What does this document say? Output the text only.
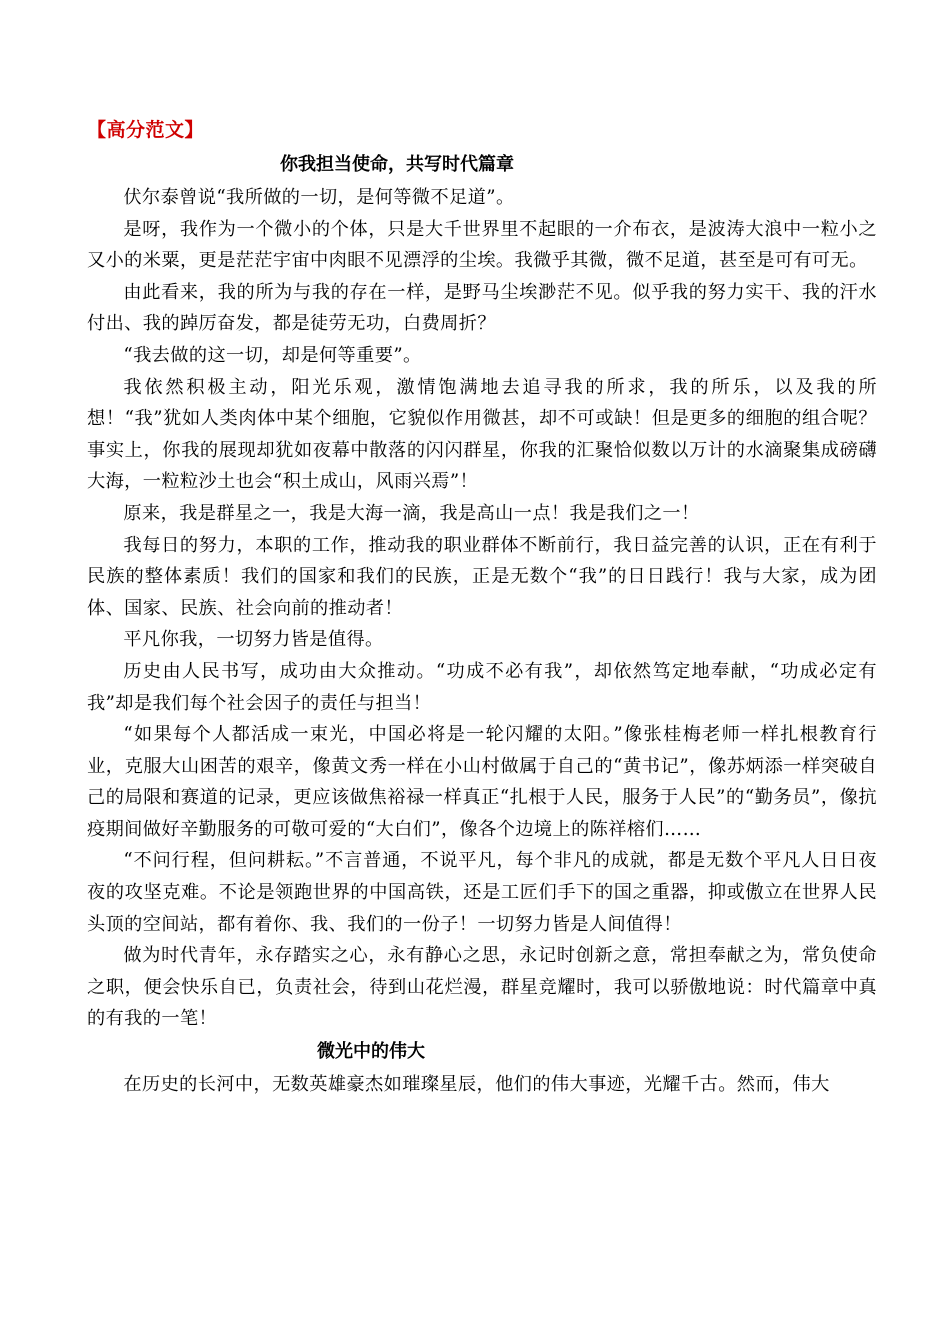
【高分范文】
你我担当使命，共写时代篇章

伏尔泰曾说“我所做的一切，是何等微不足道”。

是呀，我作为一个微小的个体，只是大千世界里不起眼的一介布衣，是波涛大浪中一粒小之又小的米粟，更是茫茫宇宙中肉眼不见漂浮的尘埃。我微乎其微，微不足道，甚至是可有可无。

由此看来，我的所为与我的存在一样，是野马尘埃渺茫不见。似乎我的努力实干、我的汗水付出、我的踔厉奋发，都是徒劳无功，白费周折？

“我去做的这一切，却是何等重要”。

我依然积极主动，阳光乐观，激情饱满地去追寻我的所求，我的所乐，以及我的所想！“我”犹如人类肉体中某个细胞，它貌似作用微甚，却不可或缺！但是更多的细胞的组合呢？事实上，你我的展现却犹如夜幕中散落的闪闪群星，你我的汇聚恰似数以万计的水滴聚集成磅礴大海，一粒粒沙土也会“积土成山，风雨兴焉”！

原来，我是群星之一，我是大海一滴，我是高山一点！我是我们之一！

我每日的努力，本职的工作，推动我的职业群体不断前行，我日益完善的认识，正在有利于民族的整体素质！我们的国家和我们的民族，正是无数个“我”的日日践行！我与大家，成为团体、国家、民族、社会向前的推动者！

平凡你我，一切努力皆是值得。

历史由人民书写，成功由大众推动。“功成不必有我”，却依然笃定地奉献，“功成必定有我”却是我们每个社会因子的责任与担当！

“如果每个人都活成一束光，中国必将是一轮闪耀的太阳。”像张桂梅老师一样扎根教育行业，克服大山困苦的艰辛，像黄文秀一样在小山村做属于自己的“黄书记”，像苏炳添一样突破自己的局限和赛道的记录，更应该做焦裕禄一样真正“扎根于人民，服务于人民”的“勤务员”，像抗疫期间做好辛勤服务的可敬可爱的“大白们”，像各个边境上的陈祥榕们……

“不问行程，但问耕耘。”不言普通，不说平凡，每个非凡的成就，都是无数个平凡人日日夜夜的攻坚克难。不论是领跑世界的中国高铁，还是工匠们手下的国之重器，抑或傲立在世界人民头顶的空间站，都有着你、我、我们的一份子！一切努力皆是人间值得！

做为时代青年，永存踏实之心，永有静心之思，永记时创新之意，常担奉献之为，常负使命之职，便会快乐自已，负责社会，待到山花烂漫，群星竞耀时，我可以骄傲地说：时代篇章中真的有我的一笔！

微光中的伟大

在历史的长河中，无数英雄豪杰如璀璨星辰，他们的伟大事迹，光耀千古。然而，伟大
